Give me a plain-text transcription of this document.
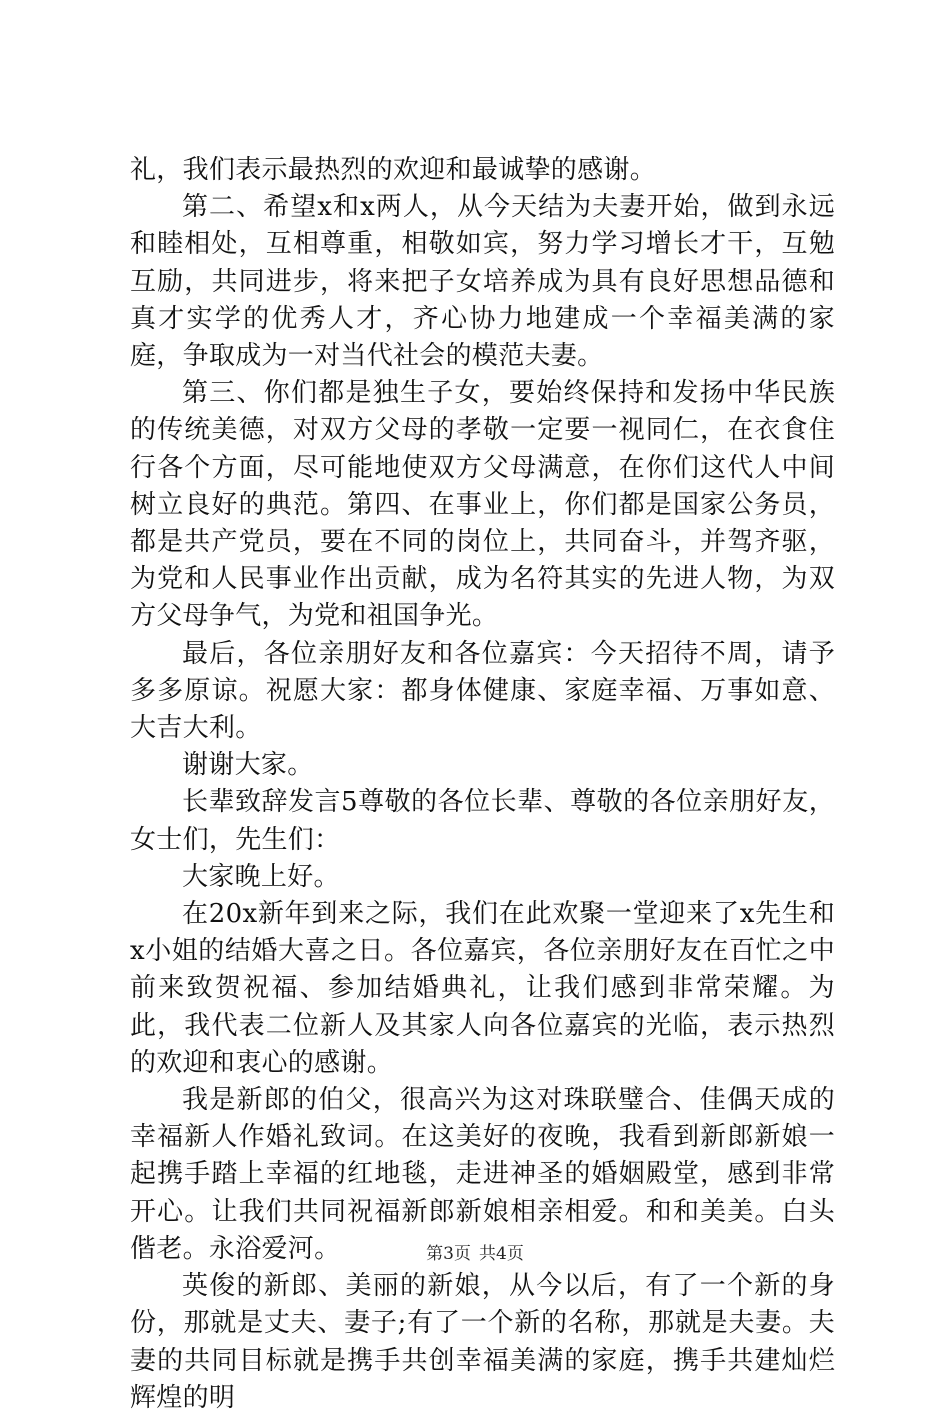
礼，我们表示最热烈的欢迎和最诚挚的感谢。

第二、希望x和x两人，从今天结为夫妻开始，做到永远和睦相处，互相尊重，相敬如宾，努力学习增长才干，互勉互励，共同进步，将来把子女培养成为具有良好思想品德和真才实学的优秀人才，齐心协力地建成一个幸福美满的家庭，争取成为一对当代社会的模范夫妻。

第三、你们都是独生子女，要始终保持和发扬中华民族的传统美德，对双方父母的孝敬一定要一视同仁，在衣食住行各个方面，尽可能地使双方父母满意，在你们这代人中间树立良好的典范。第四、在事业上，你们都是国家公务员，都是共产党员，要在不同的岗位上，共同奋斗，并驾齐驱，为党和人民事业作出贡献，成为名符其实的先进人物，为双方父母争气，为党和祖国争光。

最后，各位亲朋好友和各位嘉宾：今天招待不周，请予多多原谅。祝愿大家：都身体健康、家庭幸福、万事如意、大吉大利。

谢谢大家。

长辈致辞发言5尊敬的各位长辈、尊敬的各位亲朋好友，女士们，先生们：

大家晚上好。

在20x新年到来之际，我们在此欢聚一堂迎来了x先生和x小姐的结婚大喜之日。各位嘉宾，各位亲朋好友在百忙之中前来致贺祝福、参加结婚典礼，让我们感到非常荣耀。为此，我代表二位新人及其家人向各位嘉宾的光临，表示热烈的欢迎和衷心的感谢。

我是新郎的伯父，很高兴为这对珠联璧合、佳偶天成的幸福新人作婚礼致词。在这美好的夜晚，我看到新郎新娘一起携手踏上幸福的红地毯，走进神圣的婚姻殿堂，感到非常开心。让我们共同祝福新郎新娘相亲相爱。和和美美。白头偕老。永浴爱河。

英俊的新郎、美丽的新娘，从今以后，有了一个新的身份，那就是丈夫、妻子;有了一个新的名称，那就是夫妻。夫妻的共同目标就是携手共创幸福美满的家庭，携手共建灿烂辉煌的明

第3页 共4页
